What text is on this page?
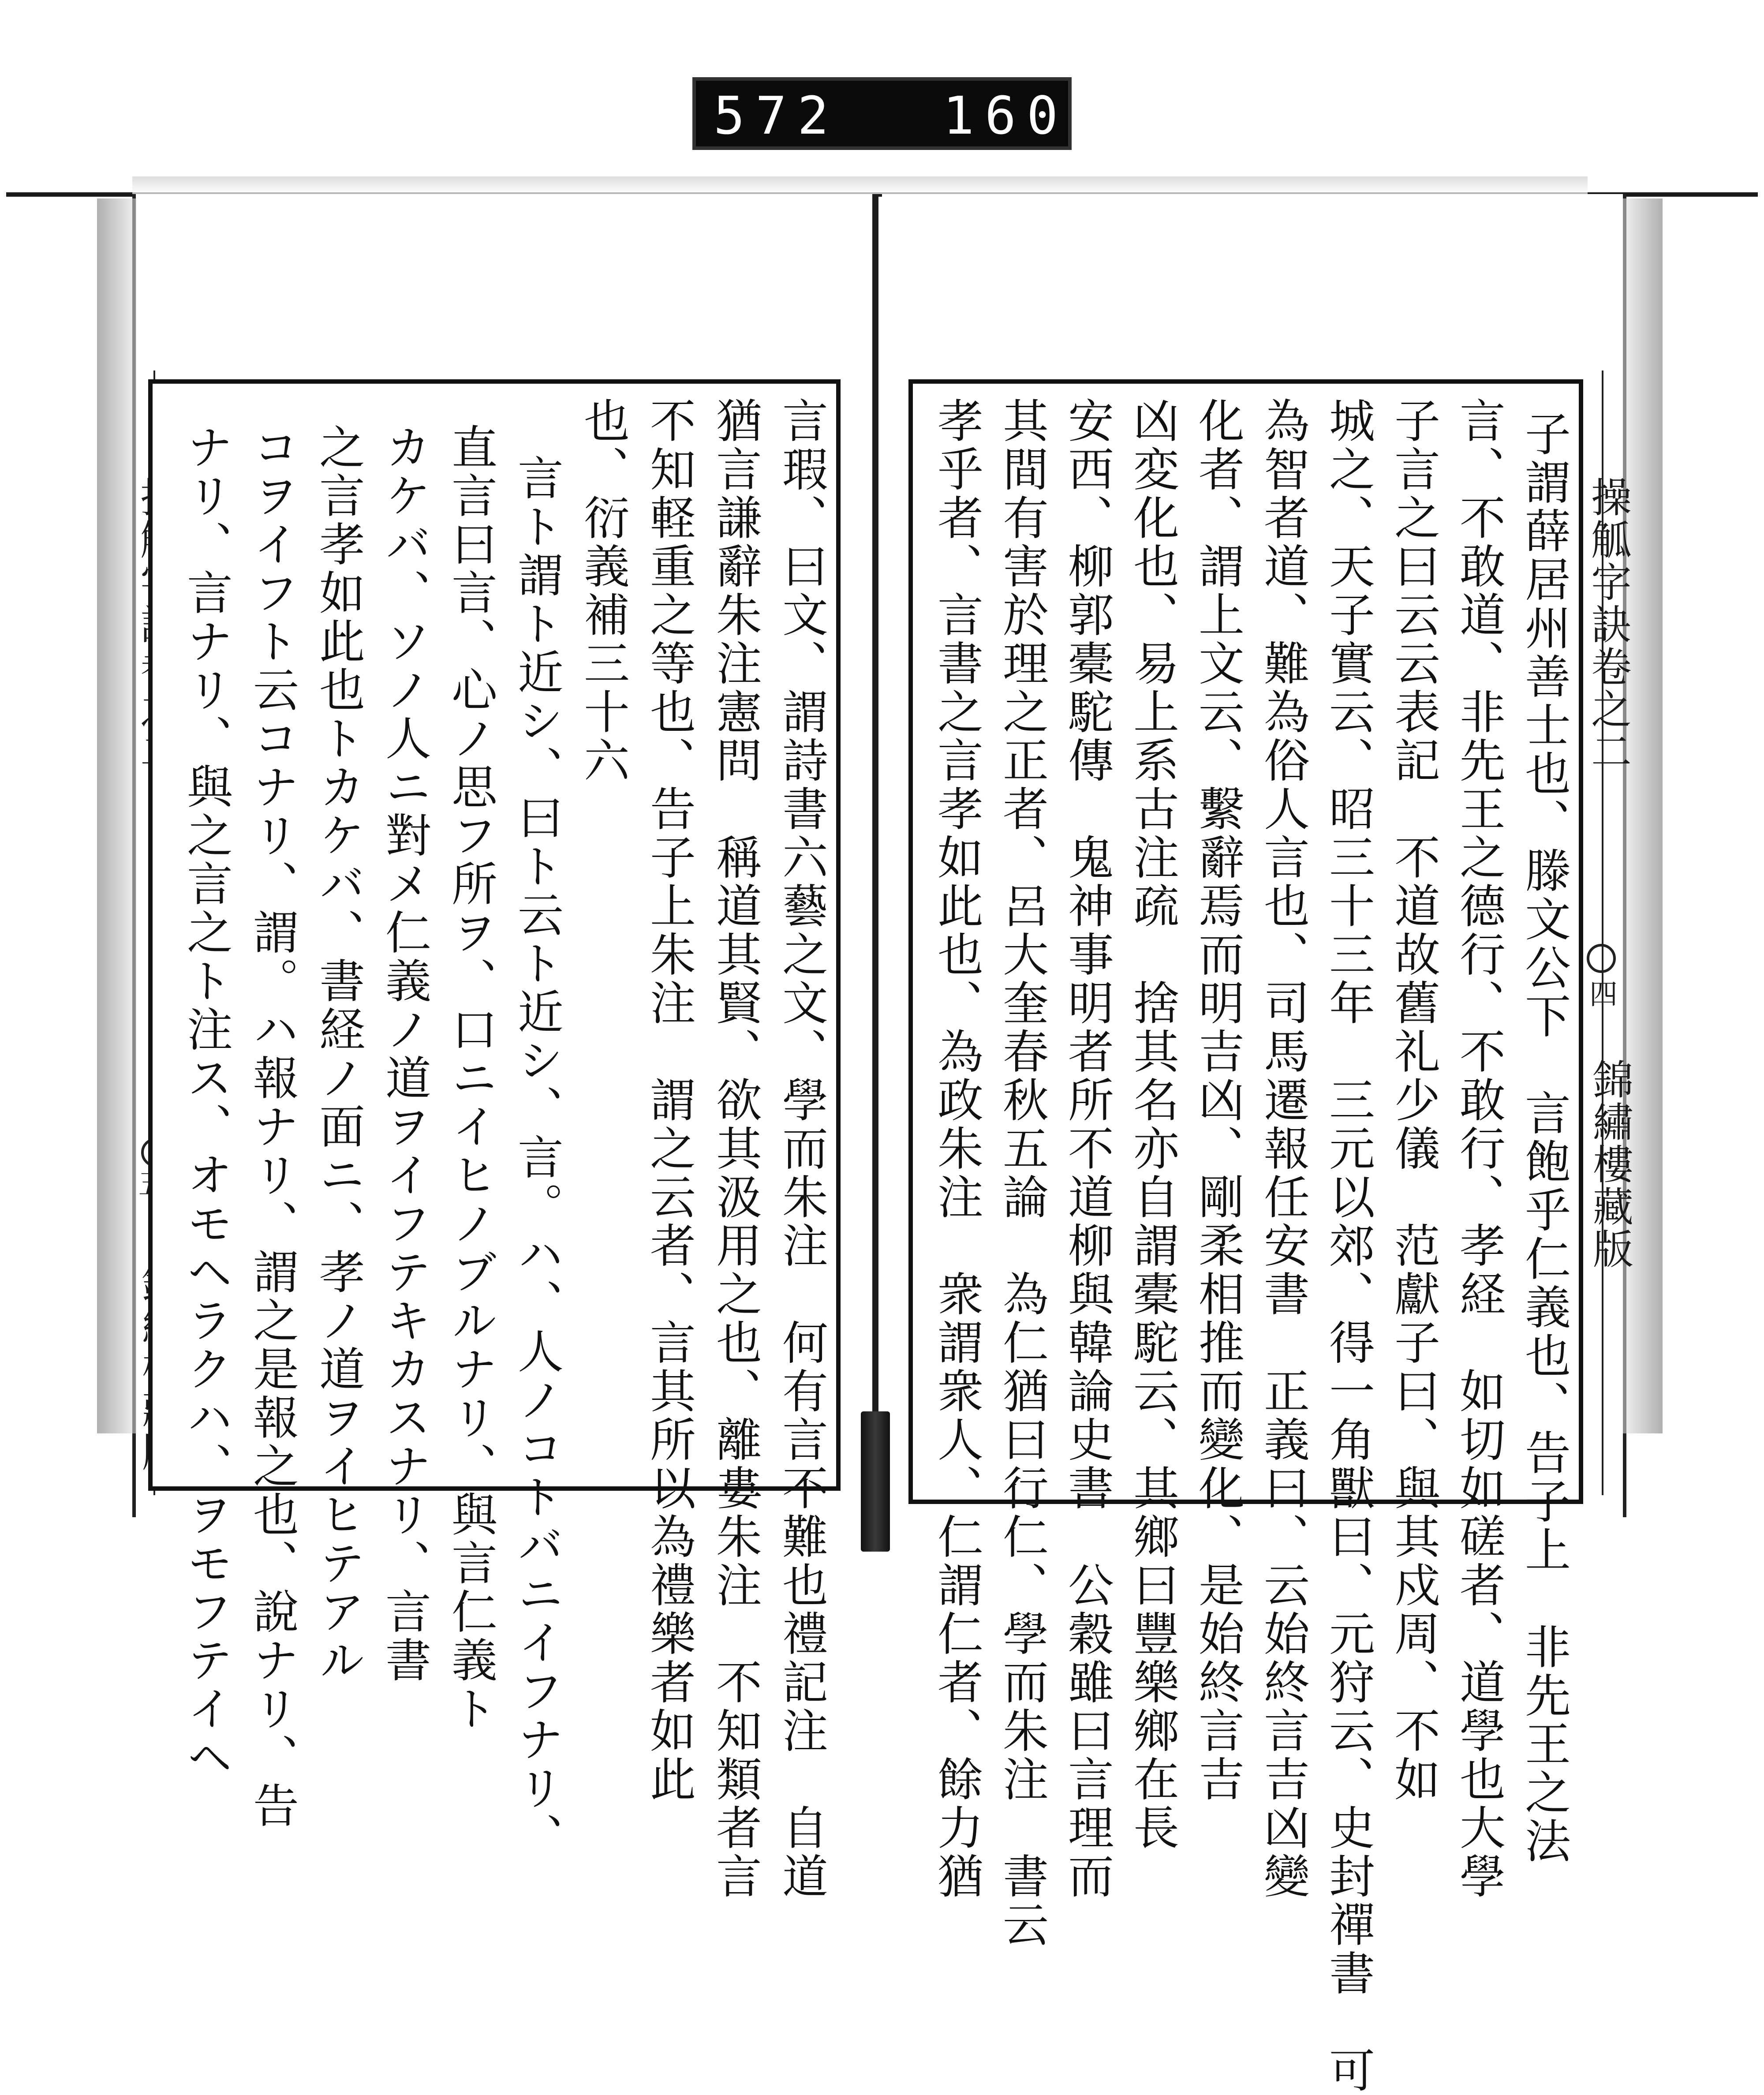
572 160
言瑕、曰文、謂詩書六藝之文、學而朱注　何有言不難也禮記注　自道
猶言謙辭朱注憲問　稱道其賢、欲其汲用之也、離婁朱注　不知類者言
不知軽重之等也、告子上朱注　謂之云者、言其所以為禮樂者如此
也、衍義補三十六
言ト謂ト近シ、曰ト云ト近シ、言。ハ、人ノコトバニイフナリ、
直言曰言、心ノ思フ所ヲ、口ニイヒノブルナリ、與言仁義ト
カケバ、ソノ人ニ對メ仁義ノ道ヲイフテキカスナリ、言書
之言孝如此也トカケバ、書経ノ面ニ、孝ノ道ヲイヒテアル
コヲイフト云コナリ、謂。ハ報ナリ、謂之是報之也、說ナリ、告
ナリ、言ナリ、與之言之ト注ス、オモヘラクハ、ヲモフテイヘ	子謂薛居州善士也、滕文公下　言飽乎仁義也、告子上　非先王之法
言、不敢道、非先王之德行、不敢行、孝経　如切如磋者、道學也大學
子言之曰云云表記　不道故舊礼少儀　范獻子曰、與其戍周、不如
城之、天子實云、昭三十三年　三元以郊、得一角獸曰、元狩云、史封禪書　可
為智者道、難為俗人言也、司馬遷報任安書　正義曰、云始終言吉凶變
化者、謂上文云、繫辭焉而明吉凶、剛柔相推而變化、是始終言吉
凶変化也、易上系古注疏　捨其名亦自謂橐駝云、其鄉曰豐樂鄉在長
安西、柳郭橐駝傳　鬼神事明者所不道柳與韓論史書　公穀雖曰言理而
其間有害於理之正者、呂大奎春秋五論　為仁猶曰行仁、學而朱注　書云
孝乎者、言書之言孝如此也、為政朱注　衆謂衆人、仁謂仁者、餘力猶	操觚字訣卷之二
四
錦繡樓藏版
